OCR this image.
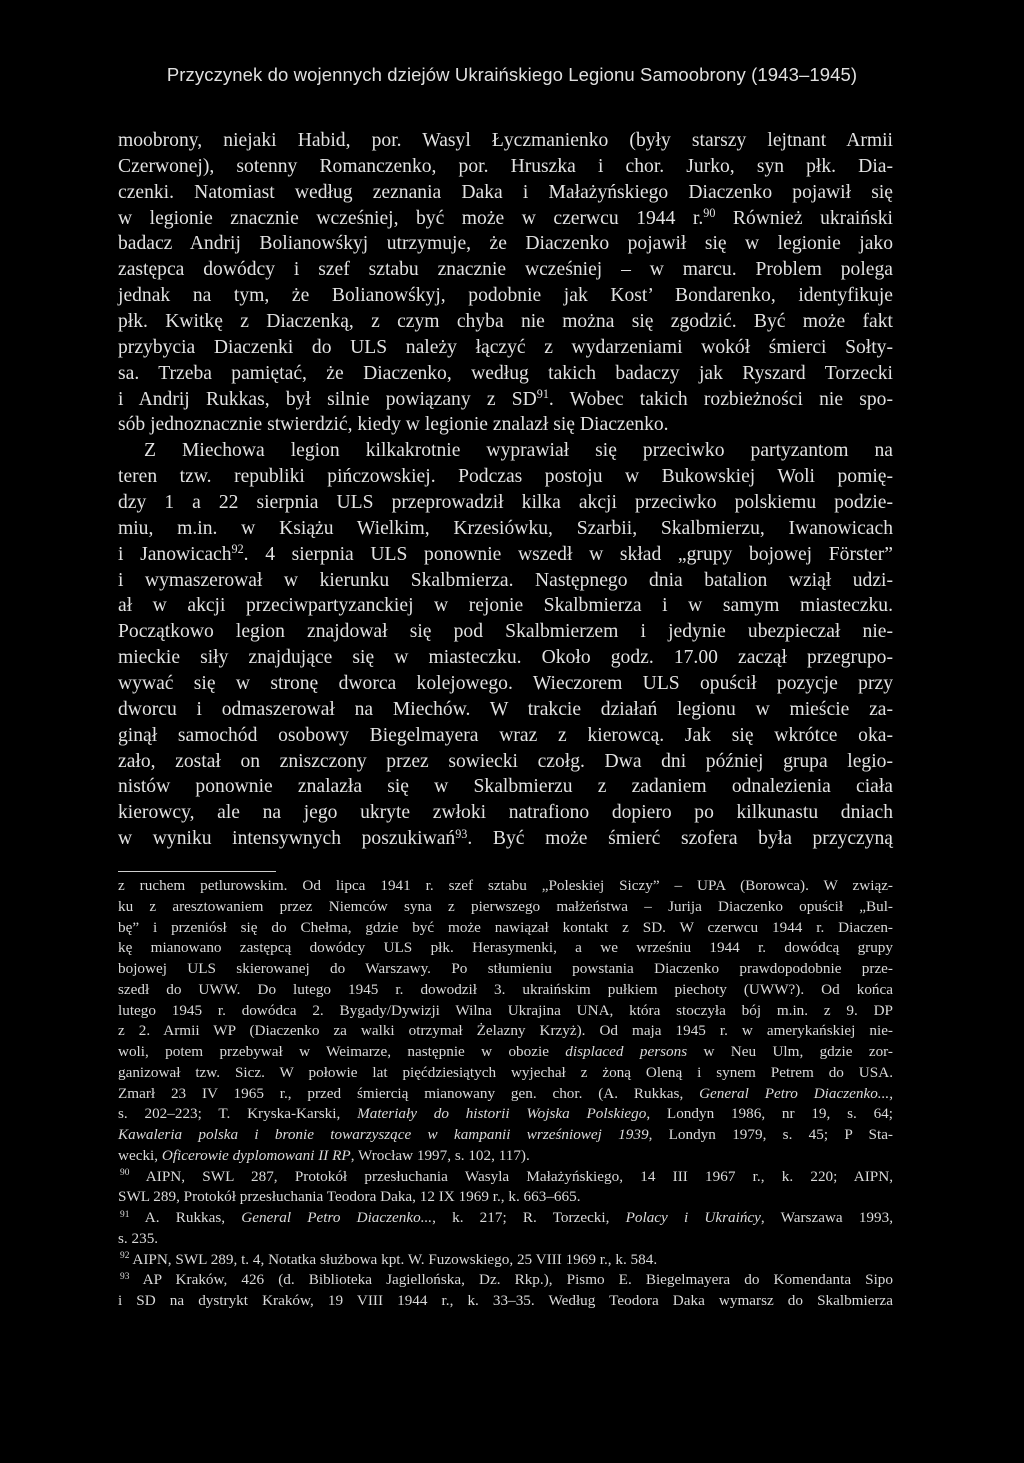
Przyczynek do wojennych dziejów Ukraińskiego Legionu Samoobrony (1943–1945)
moobrony, niejaki Habid, por. Wasyl Łyczmanienko (były starszy lejtnant Armii
Czerwonej), sotenny Romanczenko, por. Hruszka i chor. Jurko, syn płk. Dia-
czenki. Natomiast według zeznania Daka i Małażyńskiego Diaczenko pojawił się
w legionie znacznie wcześniej, być może w czerwcu 1944 r.$^{90}$ Również ukraiński
badacz Andrij Bolianowśkyj utrzymuje, że Diaczenko pojawił się w legionie jako
zastępca dowódcy i szef sztabu znacznie wcześniej – w marcu. Problem polega
jednak na tym, że Bolianowśkyj, podobnie jak Kost’ Bondarenko, identyfikuje
płk. Kwitkę z Diaczenką, z czym chyba nie można się zgodzić. Być może fakt
przybycia Diaczenki do ULS należy łączyć z wydarzeniami wokół śmierci Sołty-
sa. Trzeba pamiętać, że Diaczenko, według takich badaczy jak Ryszard Torzecki
i Andrij Rukkas, był silnie powiązany z SD$^{91}$. Wobec takich rozbieżności nie spo-
sób jednoznacznie stwierdzić, kiedy w legionie znalazł się Diaczenko.
Z Miechowa legion kilkakrotnie wyprawiał się przeciwko partyzantom na
teren tzw. republiki pińczowskiej. Podczas postoju w Bukowskiej Woli pomię-
dzy 1 a 22 sierpnia ULS przeprowadził kilka akcji przeciwko polskiemu podzie-
miu, m.in. w Książu Wielkim, Krzesiówku, Szarbii, Skalbmierzu, Iwanowicach
i Janowicach$^{92}$. 4 sierpnia ULS ponownie wszedł w skład „grupy bojowej Förster”
i wymaszerował w kierunku Skalbmierza. Następnego dnia batalion wziął udzi-
ał w akcji przeciwpartyzanckiej w rejonie Skalbmierza i w samym miasteczku.
Początkowo legion znajdował się pod Skalbmierzem i jedynie ubezpieczał nie-
mieckie siły znajdujące się w miasteczku. Około godz. 17.00 zaczął przegrupo-
wywać się w stronę dworca kolejowego. Wieczorem ULS opuścił pozycje przy
dworcu i odmaszerował na Miechów. W trakcie działań legionu w mieście za-
ginął samochód osobowy Biegelmayera wraz z kierowcą. Jak się wkrótce oka-
zało, został on zniszczony przez sowiecki czołg. Dwa dni później grupa legio-
nistów ponownie znalazła się w Skalbmierzu z zadaniem odnalezienia ciała
kierowcy, ale na jego ukryte zwłoki natrafiono dopiero po kilkunastu dniach
w wyniku intensywnych poszukiwań$^{93}$. Być może śmierć szofera była przyczyną
z ruchem petlurowskim. Od lipca 1941 r. szef sztabu „Poleskiej Siczy” – UPA (Borowca). W związ-
ku z aresztowaniem przez Niemców syna z pierwszego małżeństwa – Jurija Diaczenko opuścił „Bul-
bę” i przeniósł się do Chełma, gdzie być może nawiązał kontakt z SD. W czerwcu 1944 r. Diaczen-
kę mianowano zastępcą dowódcy ULS płk. Herasymenki, a we wrześniu 1944 r. dowódcą grupy
bojowej ULS skierowanej do Warszawy. Po stłumieniu powstania Diaczenko prawdopodobnie prze-
szedł do UWW. Do lutego 1945 r. dowodził 3. ukraińskim pułkiem piechoty (UWW?). Od końca
lutego 1945 r. dowódca 2. Bygady/Dywizji Wilna Ukrajina UNA, która stoczyła bój m.in. z 9. DP
z 2. Armii WP (Diaczenko za walki otrzymał Żelazny Krzyż). Od maja 1945 r. w amerykańskiej nie-
woli, potem przebywał w Weimarze, następnie w obozie displaced persons w Neu Ulm, gdzie zor-
ganizował tzw. Sicz. W połowie lat pięćdziesiątych wyjechał z żoną Oleną i synem Petrem do USA.
Zmarł 23 IV 1965 r., przed śmiercią mianowany gen. chor. (A. Rukkas, General Petro Diaczenko...,
s. 202–223; T. Kryska-Karski, Materiały do historii Wojska Polskiego, Londyn 1986, nr 19, s. 64;
Kawaleria polska i bronie towarzyszące w kampanii wrześniowej 1939, Londyn 1979, s. 45; P Sta-
wecki, Oficerowie dyplomowani II RP, Wrocław 1997, s. 102, 117).
$^{90}$ AIPN, SWL 287, Protokół przesłuchania Wasyla Małażyńskiego, 14 III 1967 r., k. 220; AIPN,
SWL 289, Protokół przesłuchania Teodora Daka, 12 IX 1969 r., k. 663–665.
$^{91}$ A. Rukkas, General Petro Diaczenko..., k. 217; R. Torzecki, Polacy i Ukraińcy, Warszawa 1993,
s. 235.
$^{92}$ AIPN, SWL 289, t. 4, Notatka służbowa kpt. W. Fuzowskiego, 25 VIII 1969 r., k. 584.
$^{93}$ AP Kraków, 426 (d. Biblioteka Jagiellońska, Dz. Rkp.), Pismo E. Biegelmayera do Komendanta Sipo
i SD na dystrykt Kraków, 19 VIII 1944 r., k. 33–35. Według Teodora Daka wymarsz do Skalbmierza
